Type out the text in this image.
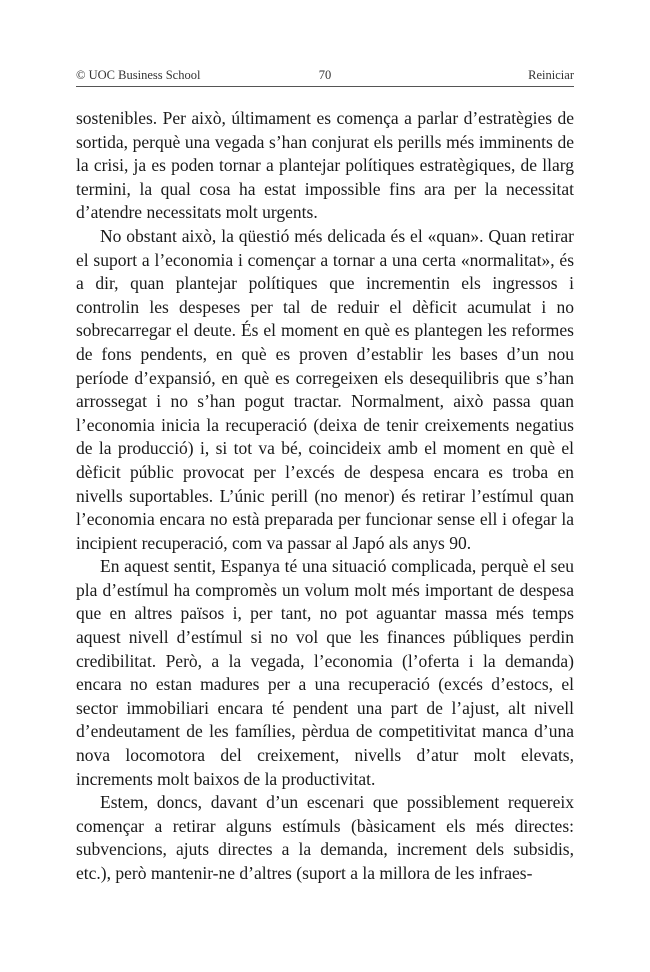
© UOC Business School	70	Reiniciar

sostenibles. Per això, últimament es comença a parlar d’estratègies de sortida, perquè una vegada s’han conjurat els perills més imminents de la crisi, ja es poden tornar a plantejar polítiques estratègiques, de llarg termini, la qual cosa ha estat impossible fins ara per la necessitat d’atendre necessitats molt urgents.

No obstant això, la qüestió més delicada és el «quan». Quan retirar el suport a l’economia i començar a tornar a una certa «normalitat», és a dir, quan plantejar polítiques que incrementin els ingressos i controlin les despeses per tal de reduir el dèficit acumulat i no sobrecarregar el deute. És el moment en què es plantegen les reformes de fons pendents, en què es proven d’establir les bases d’un nou període d’expansió, en què es corregeixen els desequilibris que s’han arrossegat i no s’han pogut tractar. Normalment, això passa quan l’economia inicia la recuperació (deixa de tenir creixements negatius de la producció) i, si tot va bé, coincideix amb el moment en què el dèficit públic provocat per l’excés de despesa encara es troba en nivells suportables. L’únic perill (no menor) és retirar l’estímul quan l’economia encara no està preparada per funcionar sense ell i ofegar la incipient recuperació, com va passar al Japó als anys 90.

En aquest sentit, Espanya té una situació complicada, perquè el seu pla d’estímul ha compromès un volum molt més important de despesa que en altres països i, per tant, no pot aguantar massa més temps aquest nivell d’estímul si no vol que les finances públiques perdin credibilitat. Però, a la vegada, l’economia (l’oferta i la demanda) encara no estan madures per a una recuperació (excés d’estocs, el sector immobiliari encara té pendent una part de l’ajust, alt nivell d’endeutament de les famílies, pèrdua de competitivitat manca d’una nova locomotora del creixement, nivells d’atur molt elevats, increments molt baixos de la productivitat.

Estem, doncs, davant d’un escenari que possiblement requereix començar a retirar alguns estímuls (bàsicament els més directes: subvencions, ajuts directes a la demanda, increment dels subsidis, etc.), però mantenir-ne d’altres (suport a la millora de les infraes-
